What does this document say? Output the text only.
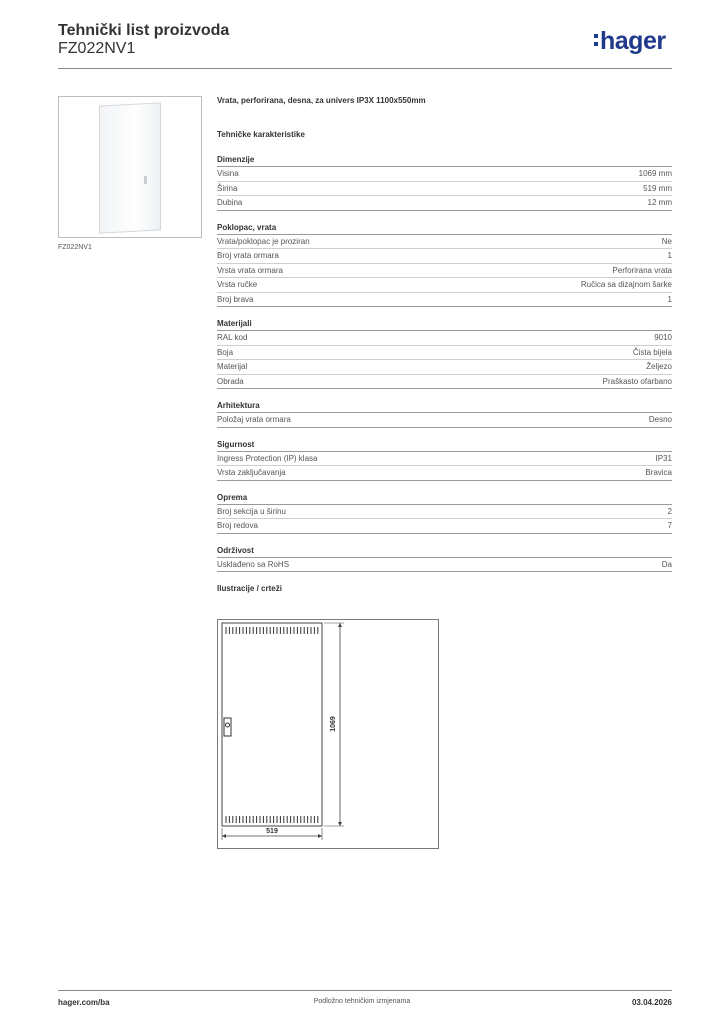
Tehnički list proizvoda
FZ022NV1	hager
FZ022NV1
Vrata, perforirana, desna, za univers IP3X 1100x550mm
Tehničke karakteristike
Dimenzije
Visina	1069 mm
Širina	519 mm
Dubina	12 mm
Poklopac, vrata
Vrata/poklopac je proziran	Ne
Broj vrata ormara	1
Vrsta vrata ormara	Perforirana vrata
Vrsta ručke	Ručica sa dizajnom šarke
Broj brava	1
Materijali
RAL kod	9010
Boja	Čista bijela
Materijal	Željezo
Obrada	Praškasto ofarbano
Arhitektura
Položaj vrata ormara	Desno
Sigurnost
Ingress Protection (IP) klasa	IP31
Vrsta zaključavanja	Bravica
Oprema
Broj sekcija u širinu	2
Broj redova	7
Održivost
Usklađeno sa RoHS	Da
Ilustracije / crteži
519
1069
hager.com/ba	Podložno tehničkim izmjenama	03.04.2026
